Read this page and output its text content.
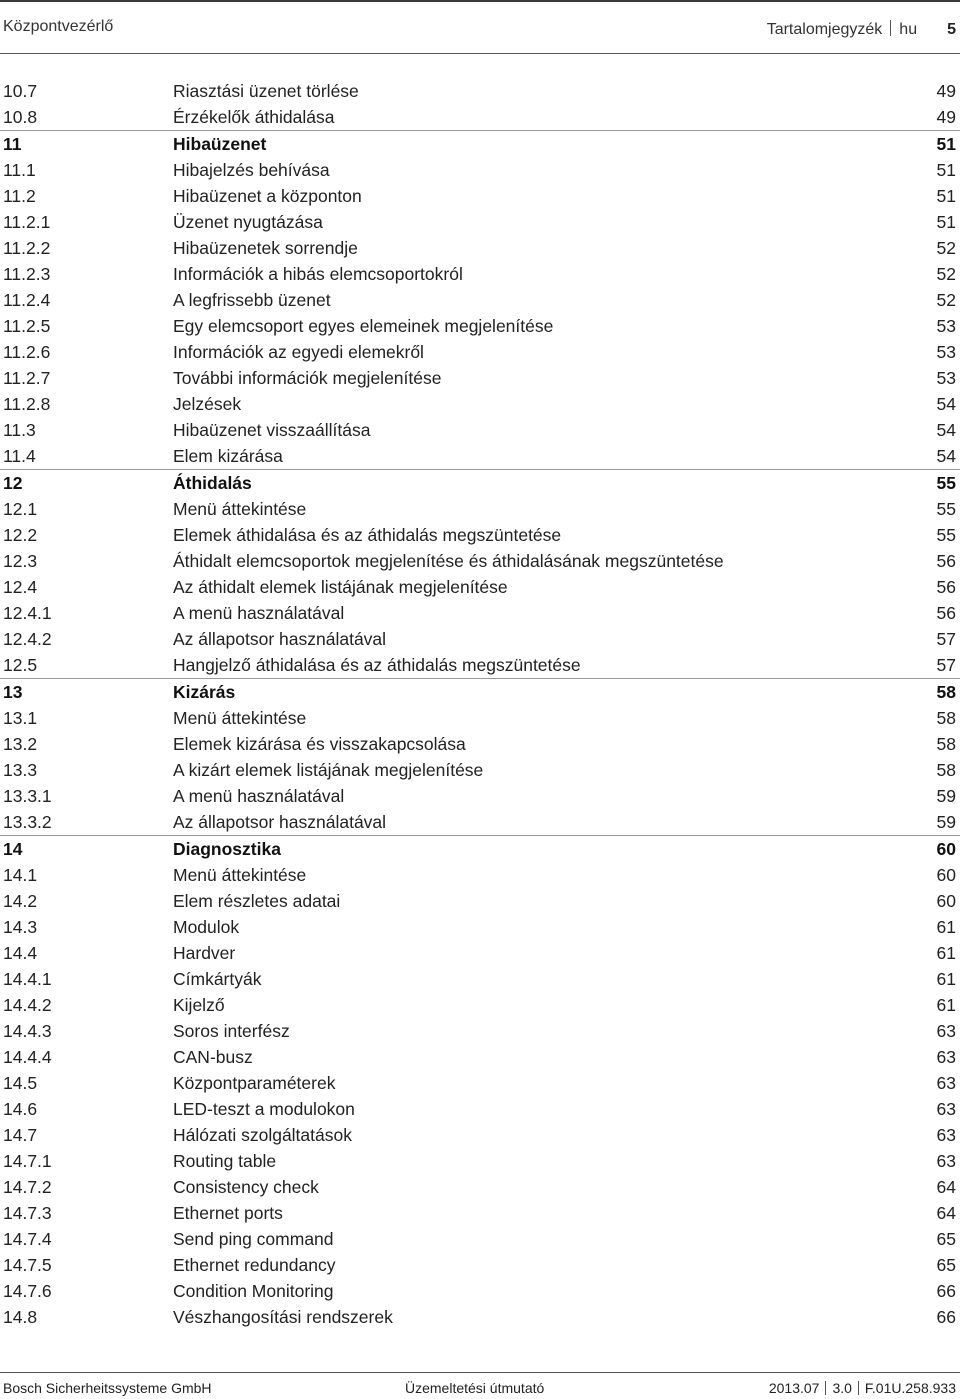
Központvezérlő	Tartalomjegyzék hu 5
10.7	Riasztási üzenet törlése	49
10.8	Érzékelők áthidalása	49
11	Hibaüzenet	51
11.1	Hibajelzés behívása	51
11.2	Hibaüzenet a központon	51
11.2.1	Üzenet nyugtázása	51
11.2.2	Hibaüzenetek sorrendje	52
11.2.3	Információk a hibás elemcsoportokról	52
11.2.4	A legfrissebb üzenet	52
11.2.5	Egy elemcsoport egyes elemeinek megjelenítése	53
11.2.6	Információk az egyedi elemekről	53
11.2.7	További információk megjelenítése	53
11.2.8	Jelzések	54
11.3	Hibaüzenet visszaállítása	54
11.4	Elem kizárása	54
12	Áthidalás	55
12.1	Menü áttekintése	55
12.2	Elemek áthidalása és az áthidalás megszüntetése	55
12.3	Áthidalt elemcsoportok megjelenítése és áthidalásának megszüntetése	56
12.4	Az áthidalt elemek listájának megjelenítése	56
12.4.1	A menü használatával	56
12.4.2	Az állapotsor használatával	57
12.5	Hangjelző áthidalása és az áthidalás megszüntetése	57
13	Kizárás	58
13.1	Menü áttekintése	58
13.2	Elemek kizárása és visszakapcsolása	58
13.3	A kizárt elemek listájának megjelenítése	58
13.3.1	A menü használatával	59
13.3.2	Az állapotsor használatával	59
14	Diagnosztika	60
14.1	Menü áttekintése	60
14.2	Elem részletes adatai	60
14.3	Modulok	61
14.4	Hardver	61
14.4.1	Címkártyák	61
14.4.2	Kijelző	61
14.4.3	Soros interfész	63
14.4.4	CAN-busz	63
14.5	Központparaméterek	63
14.6	LED-teszt a modulokon	63
14.7	Hálózati szolgáltatások	63
14.7.1	Routing table	63
14.7.2	Consistency check	64
14.7.3	Ethernet ports	64
14.7.4	Send ping command	65
14.7.5	Ethernet redundancy	65
14.7.6	Condition Monitoring	66
14.8	Vészhangosítási rendszerek	66
Bosch Sicherheitssysteme GmbH	Üzemeltetési útmutató	2013.07 3.0 F.01U.258.933
